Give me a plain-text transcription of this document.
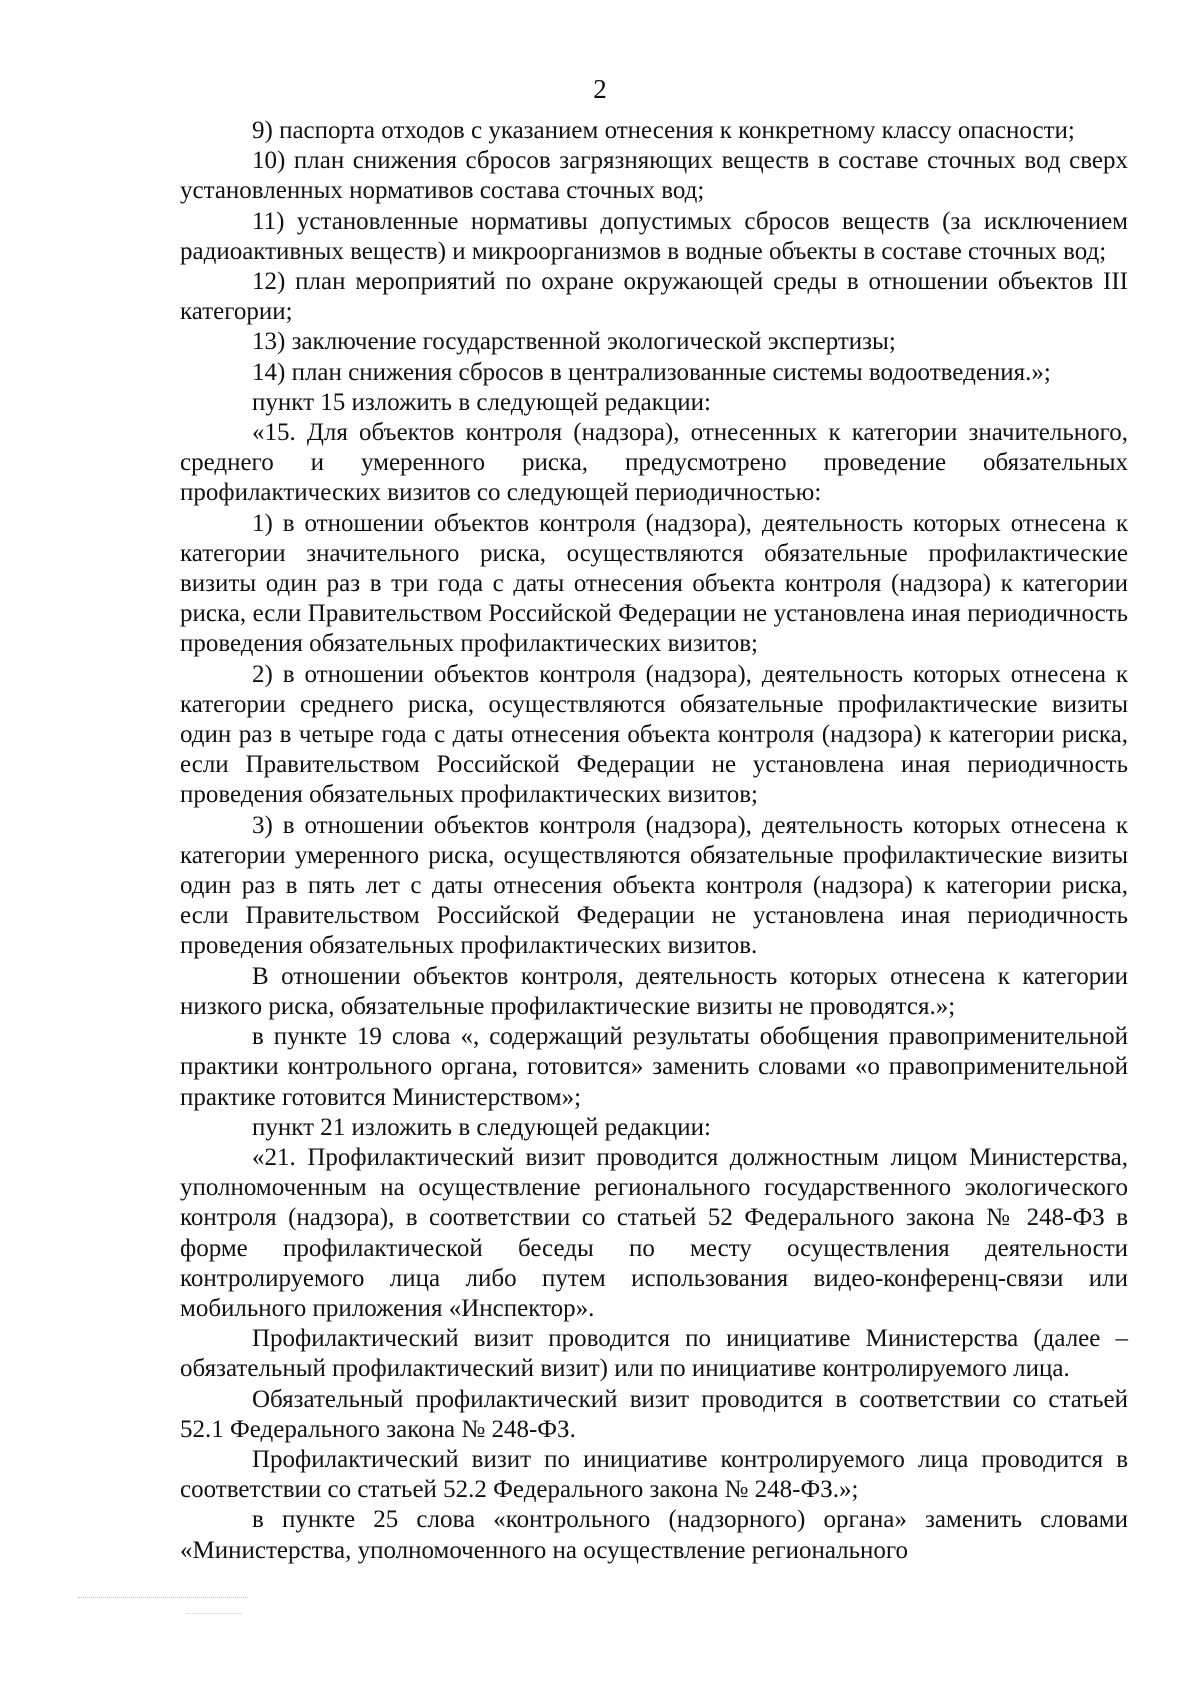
2

9) паспорта отходов с указанием отнесения к конкретному классу опасности;

10) план снижения сбросов загрязняющих веществ в составе сточных вод сверх установленных нормативов состава сточных вод;

11) установленные нормативы допустимых сбросов веществ (за исключением радиоактивных веществ) и микроорганизмов в водные объекты в составе сточных вод;

12) план мероприятий по охране окружающей среды в отношении объектов III категории;

13) заключение государственной экологической экспертизы;

14) план снижения сбросов в централизованные системы водоотведения.»;

пункт 15 изложить в следующей редакции:

«15. Для объектов контроля (надзора), отнесенных к категории значительного, среднего и умеренного риска, предусмотрено проведение обязательных профилактических визитов со следующей периодичностью:

1) в отношении объектов контроля (надзора), деятельность которых отнесена к категории значительного риска, осуществляются обязательные профилактические визиты один раз в три года с даты отнесения объекта контроля (надзора) к категории риска, если Правительством Российской Федерации не установлена иная периодичность проведения обязательных профилактических визитов;

2) в отношении объектов контроля (надзора), деятельность которых отнесена к категории среднего риска, осуществляются обязательные профилактические визиты один раз в четыре года с даты отнесения объекта контроля (надзора) к категории риска, если Правительством Российской Федерации не установлена иная периодичность проведения обязательных профилактических визитов;

3) в отношении объектов контроля (надзора), деятельность которых отнесена к категории умеренного риска, осуществляются обязательные профилактические визиты один раз в пять лет с даты отнесения объекта контроля (надзора) к категории риска, если Правительством Российской Федерации не установлена иная периодичность проведения обязательных профилактических визитов.

В отношении объектов контроля, деятельность которых отнесена к категории низкого риска, обязательные профилактические визиты не проводятся.»;

в пункте 19 слова «, содержащий результаты обобщения правоприменительной практики контрольного органа, готовится» заменить словами «о правоприменительной практике готовится Министерством»;

пункт 21 изложить в следующей редакции:

«21. Профилактический визит проводится должностным лицом Министерства, уполномоченным на осуществление регионального государственного экологического контроля (надзора), в соответствии со статьей 52 Федерального закона № 248-ФЗ в форме профилактической беседы по месту осуществления деятельности контролируемого лица либо путем использования видео-конференц-связи или мобильного приложения «Инспектор».

Профилактический визит проводится по инициативе Министерства (далее – обязательный профилактический визит) или по инициативе контролируемого лица.

Обязательный профилактический визит проводится в соответствии со статьей 52.1 Федерального закона № 248-ФЗ.

Профилактический визит по инициативе контролируемого лица проводится в соответствии со статьей 52.2 Федерального закона № 248-ФЗ.»;

в пункте 25 слова «контрольного (надзорного) органа» заменить словами «Министерства, уполномоченного на осуществление регионального
